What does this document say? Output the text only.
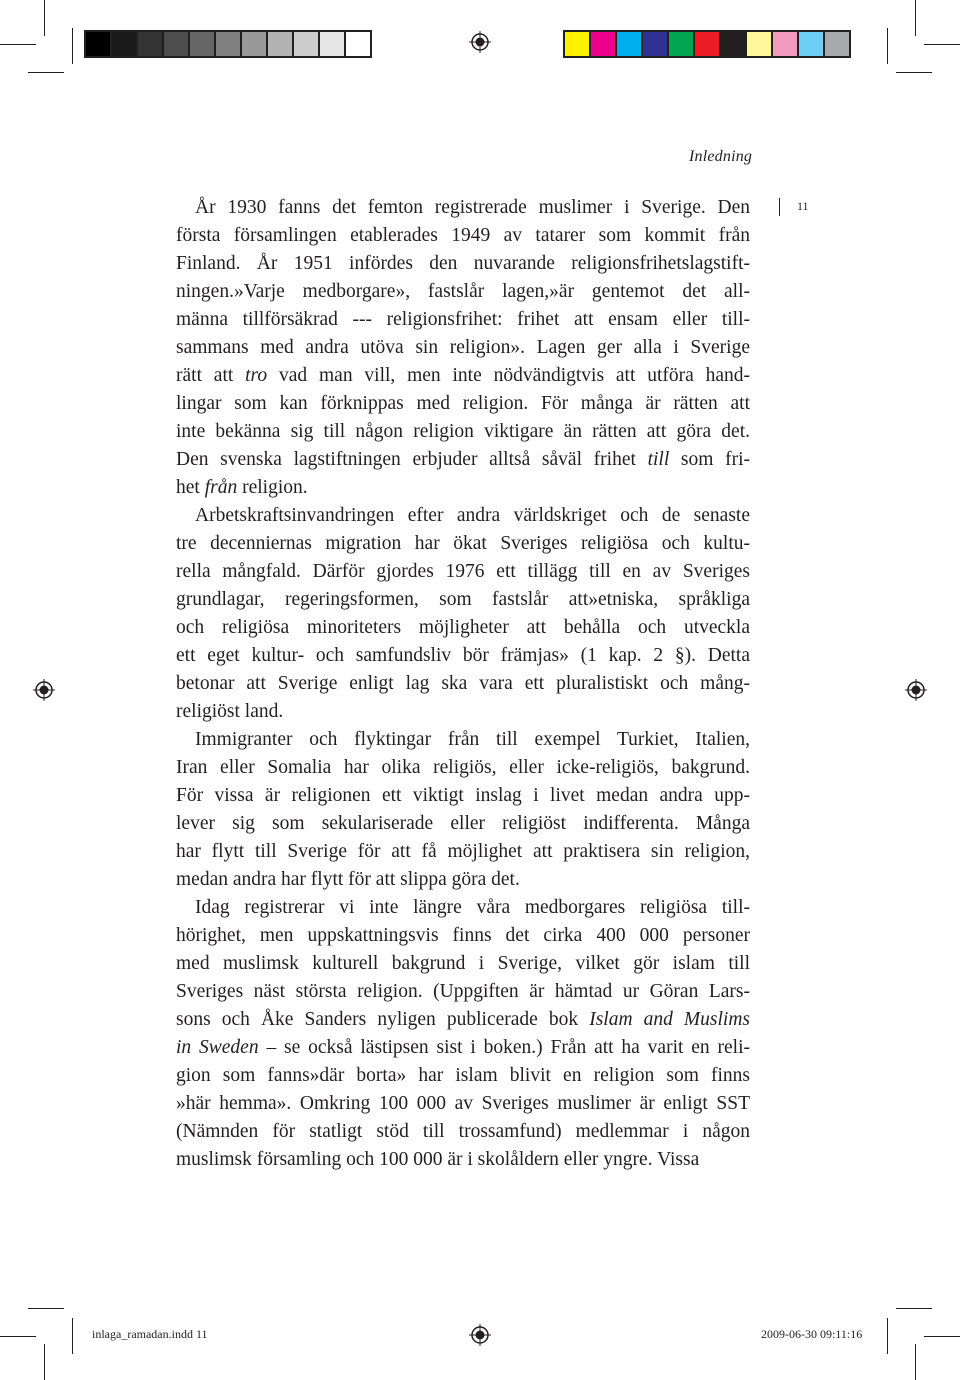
Inledning
11

År 1930 fanns det femton registrerade muslimer i Sverige. Den
första församlingen etablerades 1949 av tatarer som kommit från
Finland. År 1951 infördes den nuvarande religionsfrihetslagstift-
ningen.»Varje medborgare», fastslår lagen,»är gentemot det all-
männa tillförsäkrad --- religionsfrihet: frihet att ensam eller till-
sammans med andra utöva sin religion». Lagen ger alla i Sverige
rätt att tro vad man vill, men inte nödvändigtvis att utföra hand-
lingar som kan förknippas med religion. För många är rätten att
inte bekänna sig till någon religion viktigare än rätten att göra det.
Den svenska lagstiftningen erbjuder alltså såväl frihet till som fri-
het från religion.

Arbetskraftsinvandringen efter andra världskriget och de senaste
tre decenniernas migration har ökat Sveriges religiösa och kultu-
rella mångfald. Därför gjordes 1976 ett tillägg till en av Sveriges
grundlagar, regeringsformen, som fastslår att»etniska, språkliga
och religiösa minoriteters möjligheter att behålla och utveckla
ett eget kultur- och samfundsliv bör främjas» (1 kap. 2 §). Detta
betonar att Sverige enligt lag ska vara ett pluralistiskt och mång-
religiöst land.

Immigranter och flyktingar från till exempel Turkiet, Italien,
Iran eller Somalia har olika religiös, eller icke-religiös, bakgrund.
För vissa är religionen ett viktigt inslag i livet medan andra upp-
lever sig som sekulariserade eller religiöst indifferenta. Många
har flytt till Sverige för att få möjlighet att praktisera sin religion,
medan andra har flytt för att slippa göra det.

Idag registrerar vi inte längre våra medborgares religiösa till-
hörighet, men uppskattningsvis finns det cirka 400 000 personer
med muslimsk kulturell bakgrund i Sverige, vilket gör islam till
Sveriges näst största religion. (Uppgiften är hämtad ur Göran Lars-
sons och Åke Sanders nyligen publicerade bok Islam and Muslims
in Sweden – se också lästipsen sist i boken.) Från att ha varit en reli-
gion som fanns»där borta» har islam blivit en religion som finns
»här hemma». Omkring 100 000 av Sveriges muslimer är enligt SST
(Nämnden för statligt stöd till trossamfund) medlemmar i någon
muslimsk församling och 100 000 är i skolåldern eller yngre. Vissa

inlaga_ramadan.indd 11	2009-06-30 09:11:16
